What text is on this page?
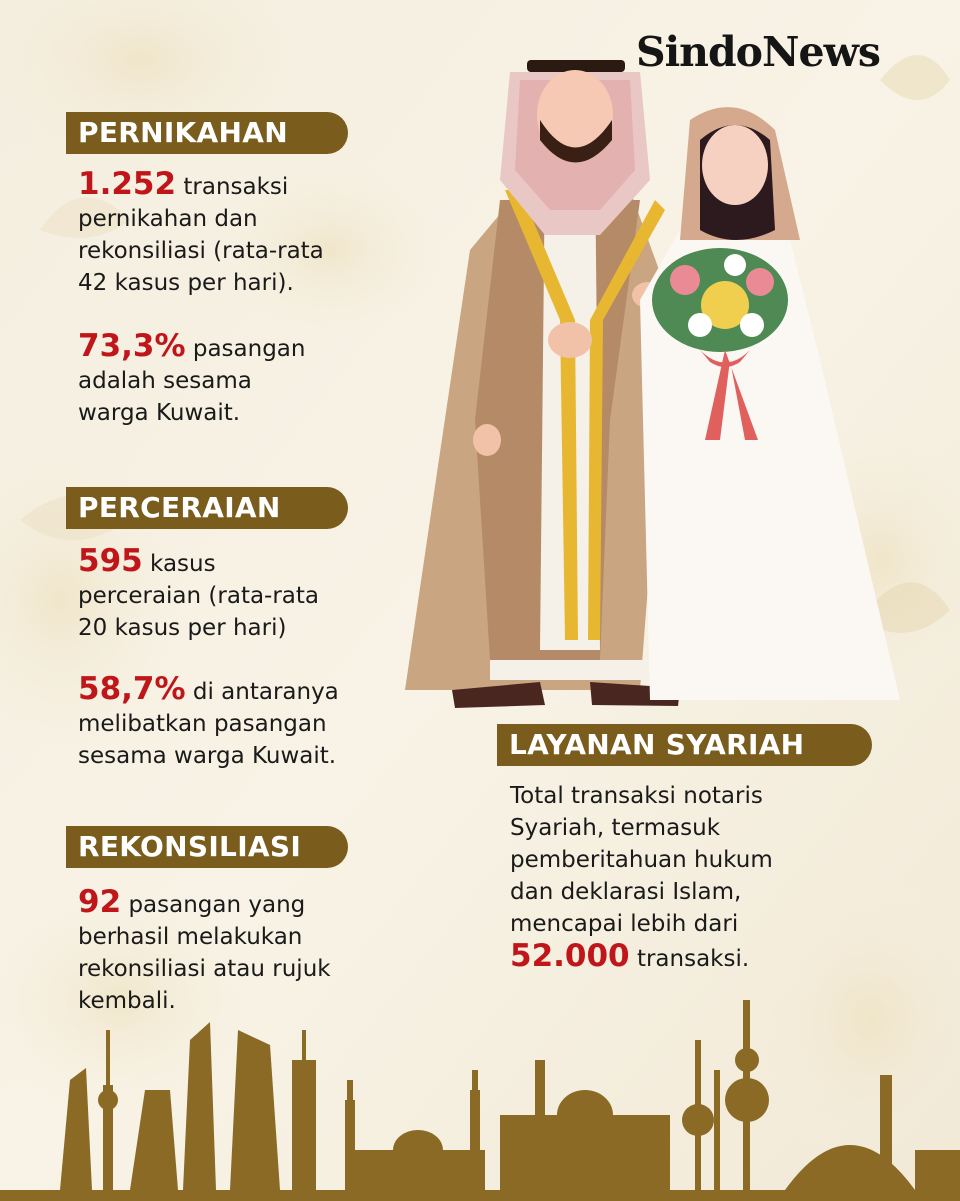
SindoNews
PERNIKAHAN

1.252 transaksi
pernikahan dan
rekonsiliasi (rata-rata
42 kasus per hari).

73,3% pasangan
adalah sesama
warga Kuwait.

PERCERAIAN

595 kasus
perceraian (rata-rata
20 kasus per hari)

58,7% di antaranya
melibatkan pasangan
sesama warga Kuwait.

REKONSILIASI

92 pasangan yang
berhasil melakukan
rekonsiliasi atau rujuk
kembali.

LAYANAN SYARIAH

Total transaksi notaris
Syariah, termasuk
pemberitahuan hukum
dan deklarasi Islam,
mencapai lebih dari
52.000 transaksi.
